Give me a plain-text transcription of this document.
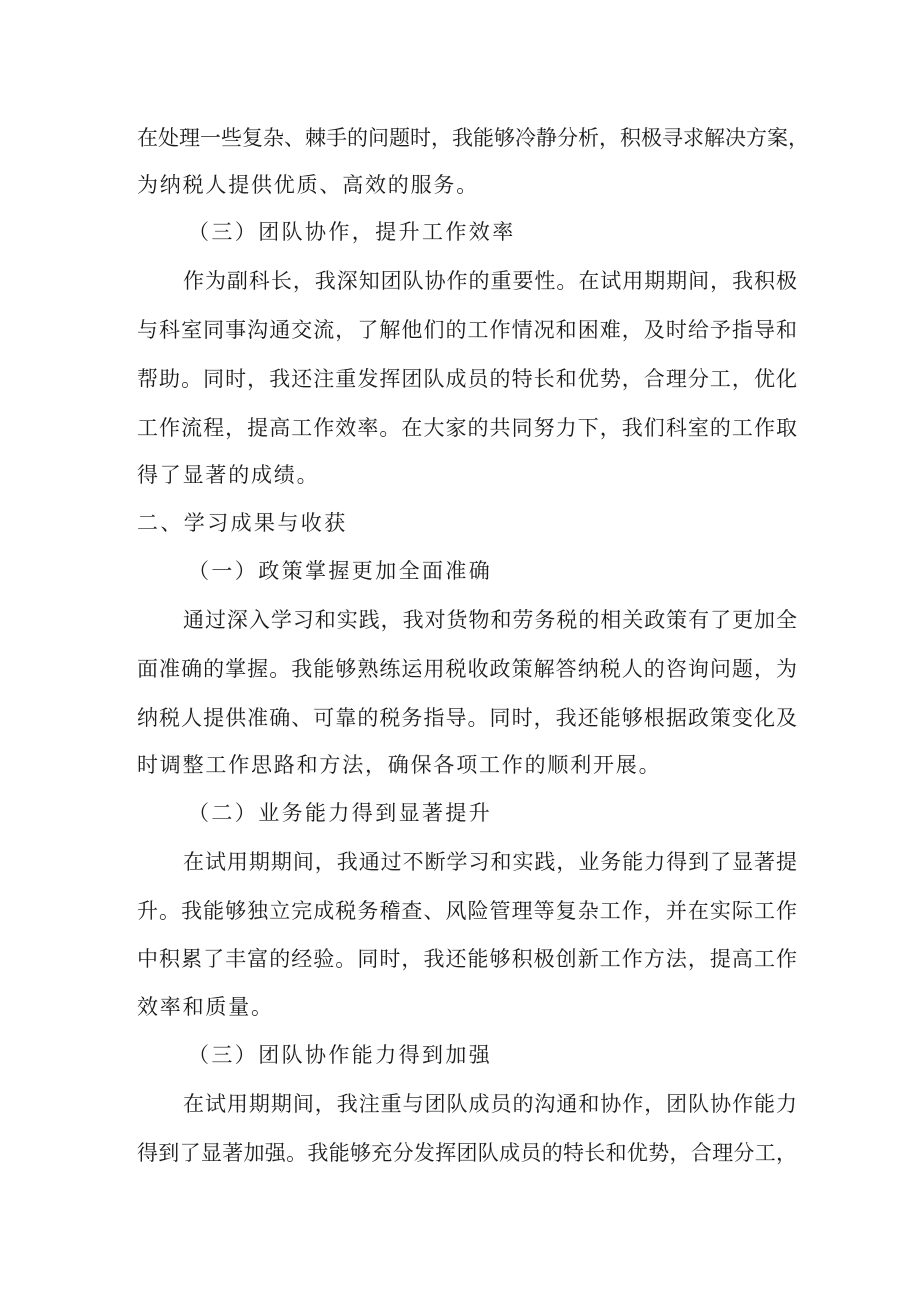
在处理一些复杂、棘手的问题时，我能够冷静分析，积极寻求解决方案，
为纳税人提供优质、高效的服务。
（三）团队协作，提升工作效率
作为副科长，我深知团队协作的重要性。在试用期期间，我积极
与科室同事沟通交流，了解他们的工作情况和困难，及时给予指导和
帮助。同时，我还注重发挥团队成员的特长和优势，合理分工，优化
工作流程，提高工作效率。在大家的共同努力下，我们科室的工作取
得了显著的成绩。
二、学习成果与收获
（一）政策掌握更加全面准确
通过深入学习和实践，我对货物和劳务税的相关政策有了更加全
面准确的掌握。我能够熟练运用税收政策解答纳税人的咨询问题，为
纳税人提供准确、可靠的税务指导。同时，我还能够根据政策变化及
时调整工作思路和方法，确保各项工作的顺利开展。
（二）业务能力得到显著提升
在试用期期间，我通过不断学习和实践，业务能力得到了显著提
升。我能够独立完成税务稽查、风险管理等复杂工作，并在实际工作
中积累了丰富的经验。同时，我还能够积极创新工作方法，提高工作
效率和质量。
（三）团队协作能力得到加强
在试用期期间，我注重与团队成员的沟通和协作，团队协作能力
得到了显著加强。我能够充分发挥团队成员的特长和优势，合理分工，
